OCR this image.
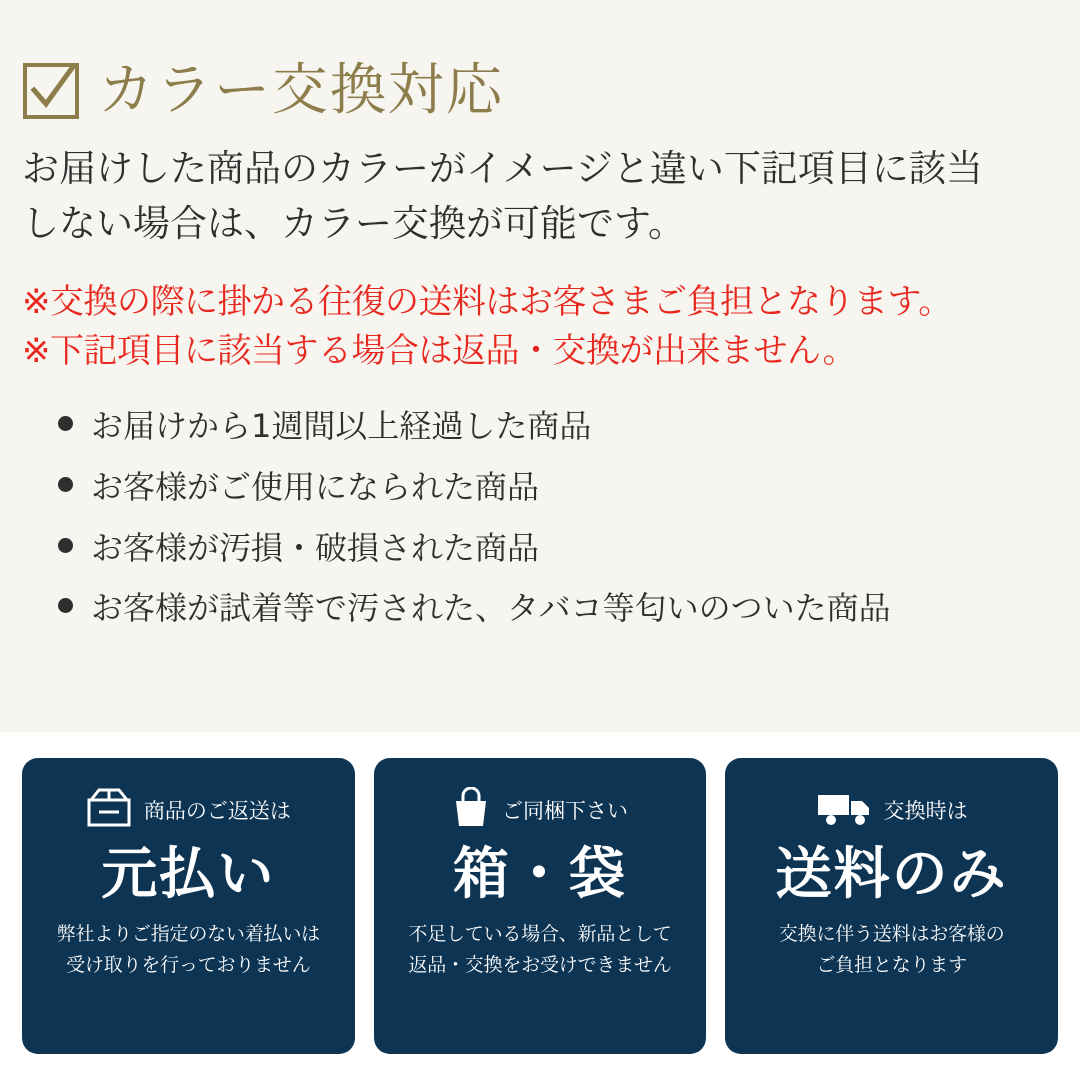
カラー交換対応

お届けした商品のカラーがイメージと違い下記項目に該当
しない場合は、カラー交換が可能です。

※交換の際に掛かる往復の送料はお客さまご負担となります。
※下記項目に該当する場合は返品・交換が出来ません。
お届けから1週間以上経過した商品
お客様がご使用になられた商品
お客様が汚損・破損された商品
お客様が試着等で汚された、タバコ等匂いのついた商品
商品のご返送は
元払い
弊社よりご指定のない着払いは
受け取りを行っておりません
ご同梱下さい
箱・袋
不足している場合、新品として
返品・交換をお受けできません
交換時は
送料のみ
交換に伴う送料はお客様の
ご負担となります
